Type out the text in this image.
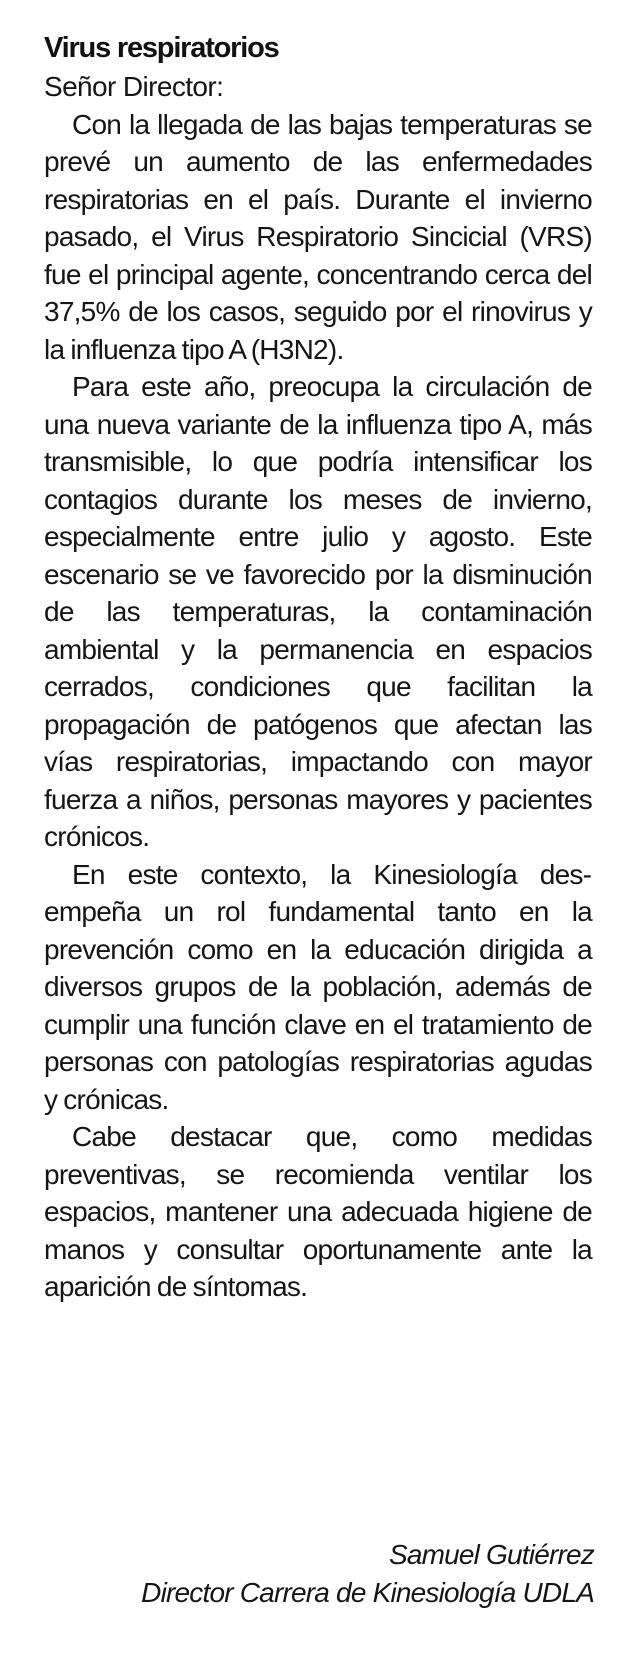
Virus respiratorios

Señor Director:

Con la llegada de las bajas temperaturas se prevé un aumento de las enfermedades respiratorias en el país. Durante el invierno pasado, el Virus Respiratorio Sincicial (VRS) fue el principal agente, concentrando cerca del 37,5% de los casos, seguido por el rinovirus y la influenza tipo A (H3N2).

Para este año, preocupa la circulación de una nueva variante de la influenza tipo A, más transmisible, lo que podría intensificar los contagios durante los meses de invierno, especialmente entre julio y agosto. Este escenario se ve favorecido por la disminución de las temperaturas, la contaminación ambiental y la permanencia en espacios cerrados, condiciones que facilitan la propagación de patógenos que afectan las vías respiratorias, impactando con mayor fuerza a niños, personas mayores y pacientes crónicos.

En este contexto, la Kinesiología desempeña un rol fundamental tanto en la prevención como en la educación dirigida a diversos grupos de la población, además de cumplir una función clave en el tratamiento de personas con patologías respiratorias agudas y crónicas.

Cabe destacar que, como medidas preventivas, se recomienda ventilar los espacios, mantener una adecuada higiene de manos y consultar oportunamente ante la aparición de síntomas.

Samuel Gutiérrez
Director Carrera de Kinesiología UDLA
